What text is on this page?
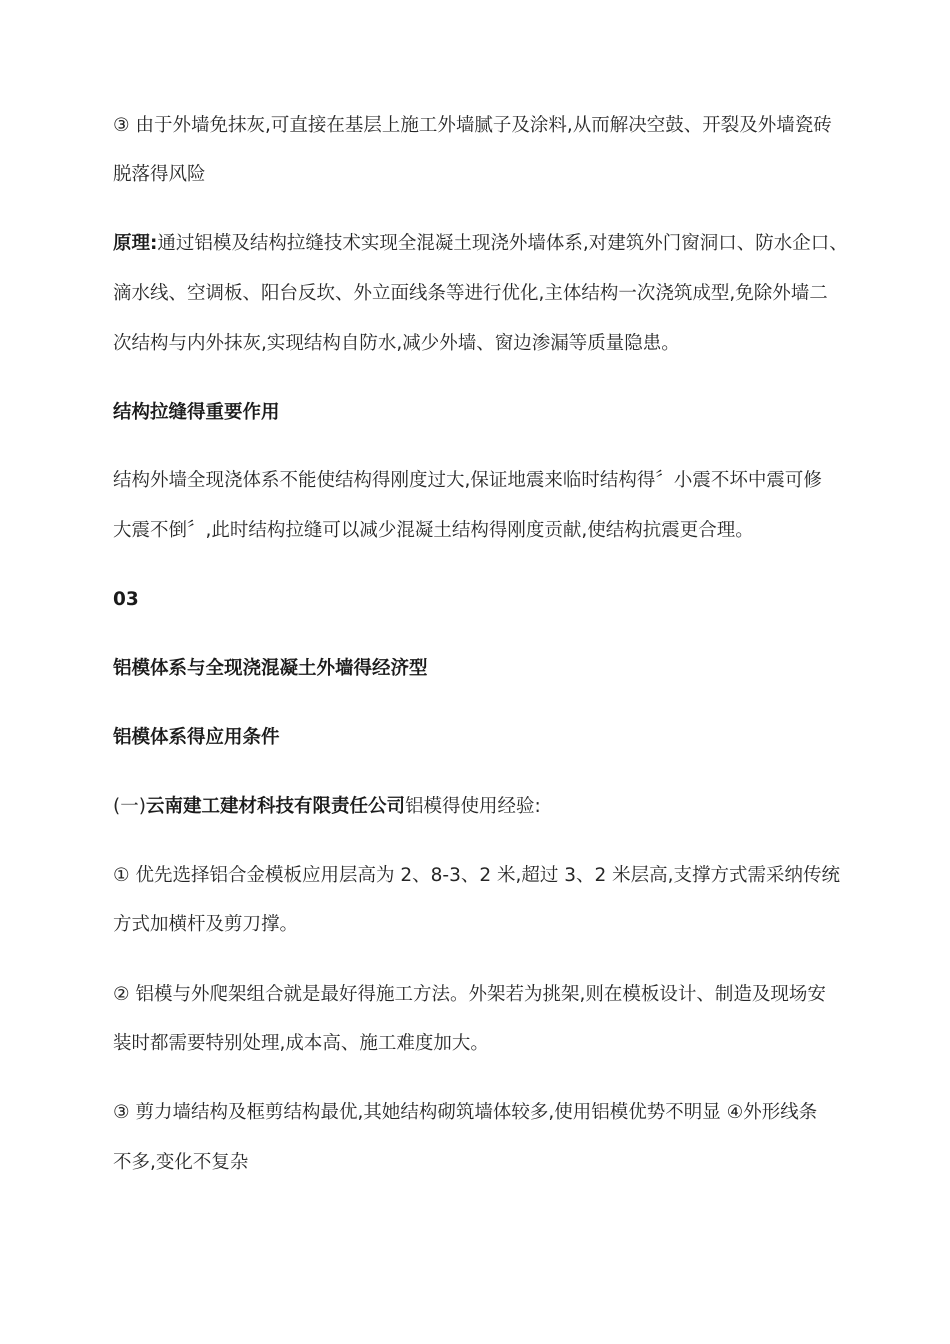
③ 由于外墙免抹灰,可直接在基层上施工外墙腻子及涂料,从而解决空鼓、开裂及外墙瓷砖
脱落得风险
原理:通过铝模及结构拉缝技术实现全混凝土现浇外墙体系,对建筑外门窗洞口、防水企口、
滴水线、空调板、阳台反坎、外立面线条等进行优化,主体结构一次浇筑成型,免除外墙二
次结构与内外抹灰,实现结构自防水,减少外墙、窗边渗漏等质量隐患。
结构拉缝得重要作用
结构外墙全现浇体系不能使结构得刚度过大,保证地震来临时结构得〞小震不坏中震可修
大震不倒〞,此时结构拉缝可以减少混凝土结构得刚度贡献,使结构抗震更合理。
03
铝模体系与全现浇混凝土外墙得经济型
铝模体系得应用条件
(一)云南建工建材科技有限责任公司铝模得使用经验:
① 优先选择铝合金模板应用层高为 2、8-3、2 米,超过 3、2 米层高,支撑方式需采纳传统
方式加横杆及剪刀撑。
② 铝模与外爬架组合就是最好得施工方法。外架若为挑架,则在模板设计、制造及现场安
装时都需要特别处理,成本高、施工难度加大。
③ 剪力墙结构及框剪结构最优,其她结构砌筑墙体较多,使用铝模优势不明显 ④外形线条
不多,变化不复杂
